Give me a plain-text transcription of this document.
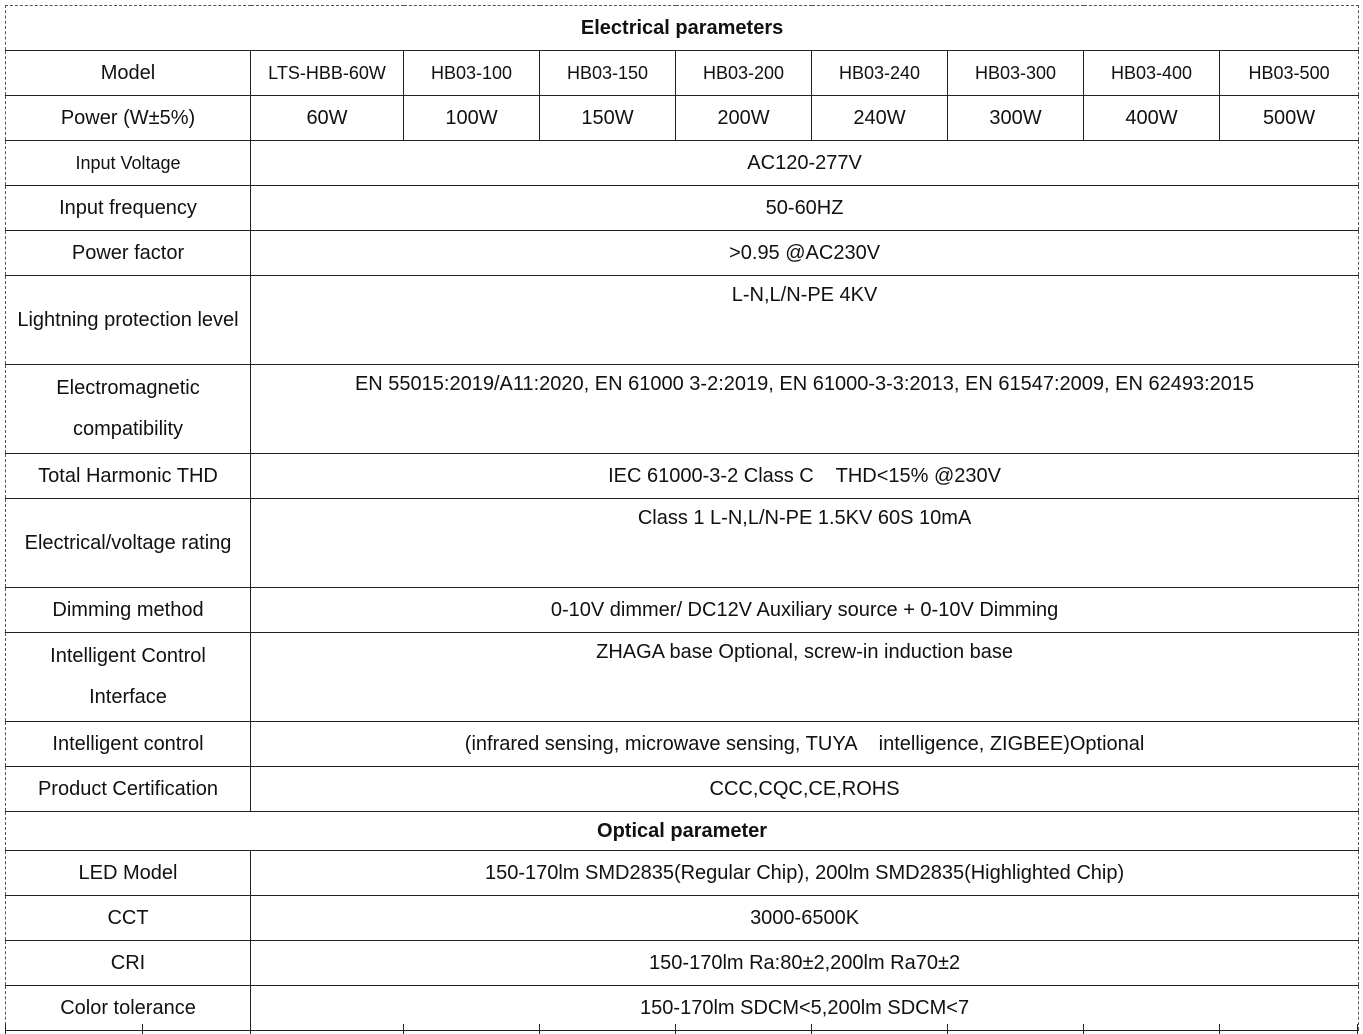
Electrical parameters								
Model	LTS-HBB-60W	HB03-100	HB03-150	HB03-200	HB03-240	HB03-300	HB03-400	HB03-500
Power (W±5%)	60W	100W	150W	200W	240W	300W	400W	500W
Input Voltage	AC120-277V							
Input frequency	50-60HZ							
Power factor	>0.95 @AC230V							
Lightning protection level	L-N,L/N-PE 4KV							
Electromagnetic compatibility	EN 55015:2019/A11:2020, EN 61000 3-2:2019, EN 61000-3-3:2013, EN 61547:2009, EN 62493:2015							
Total Harmonic THD	IEC 61000-3-2 Class C    THD<15% @230V							
Electrical/voltage rating	Class 1 L-N,L/N-PE 1.5KV 60S 10mA							
Dimming method	0-10V dimmer/ DC12V Auxiliary source + 0-10V Dimming							
Intelligent Control Interface	ZHAGA base Optional, screw-in induction base							
Intelligent control	(infrared sensing, microwave sensing, TUYA    intelligence, ZIGBEE)Optional							
Product Certification	CCC,CQC,CE,ROHS							
Optical parameter								
LED Model	150-170lm SMD2835(Regular Chip), 200lm SMD2835(Highlighted Chip)							
CCT	3000-6500K							
CRI	150-170lm Ra:80±2,200lm Ra70±2							
Color tolerance	150-170lm SDCM<5,200lm SDCM<7							
